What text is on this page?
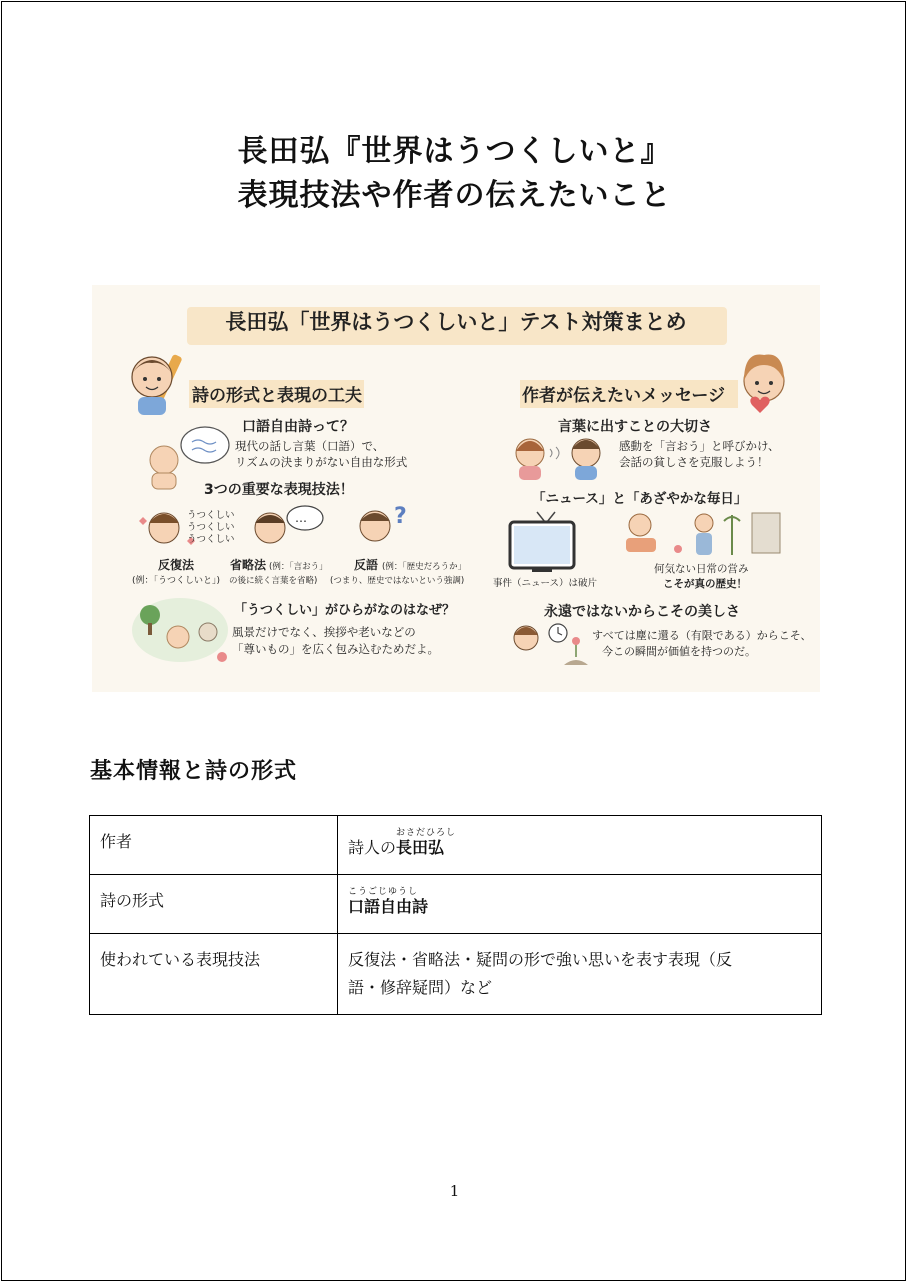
長田弘『世界はうつくしいと』
表現技法や作者の伝えたいこと
長田弘「世界はうつくしいと」テスト対策まとめ
詩の形式と表現の工夫
口語自由詩って？
現代の話し言葉（口語）で、
リズムの決まりがない自由な形式
3つの重要な表現技法！
うつくしい
うつくしい
うつくしい
反復法
(例：「うつくしいと」)
…
省略法 (例：「言おう」
の後に続く言葉を省略)
?
反語 (例：「歴史だろうか」
(つまり、歴史ではないという強調)
「うつくしい」がひらがなのはなぜ？
風景だけでなく、挨拶や老いなどの
「尊いもの」を広く包み込むためだよ。
作者が伝えたいメッセージ
言葉に出すことの大切さ
感動を「言おう」と呼びかけ、
会話の貧しさを克服しよう！
「ニュース」と「あざやかな毎日」
事件（ニュース）は破片
何気ない日常の営み
こそが真の歴史！
永遠ではないからこその美しさ
すべては塵に還る（有限である）からこそ、
今この瞬間が価値を持つのだ。
基本情報と詩の形式
作者	詩人の
おさだひろし
長田弘
詩の形式	こうごじゆうし
口語自由詩
使われている表現技法	反復法・省略法・疑問の形で強い思いを表す表現（反
語・修辞疑問）など
1
